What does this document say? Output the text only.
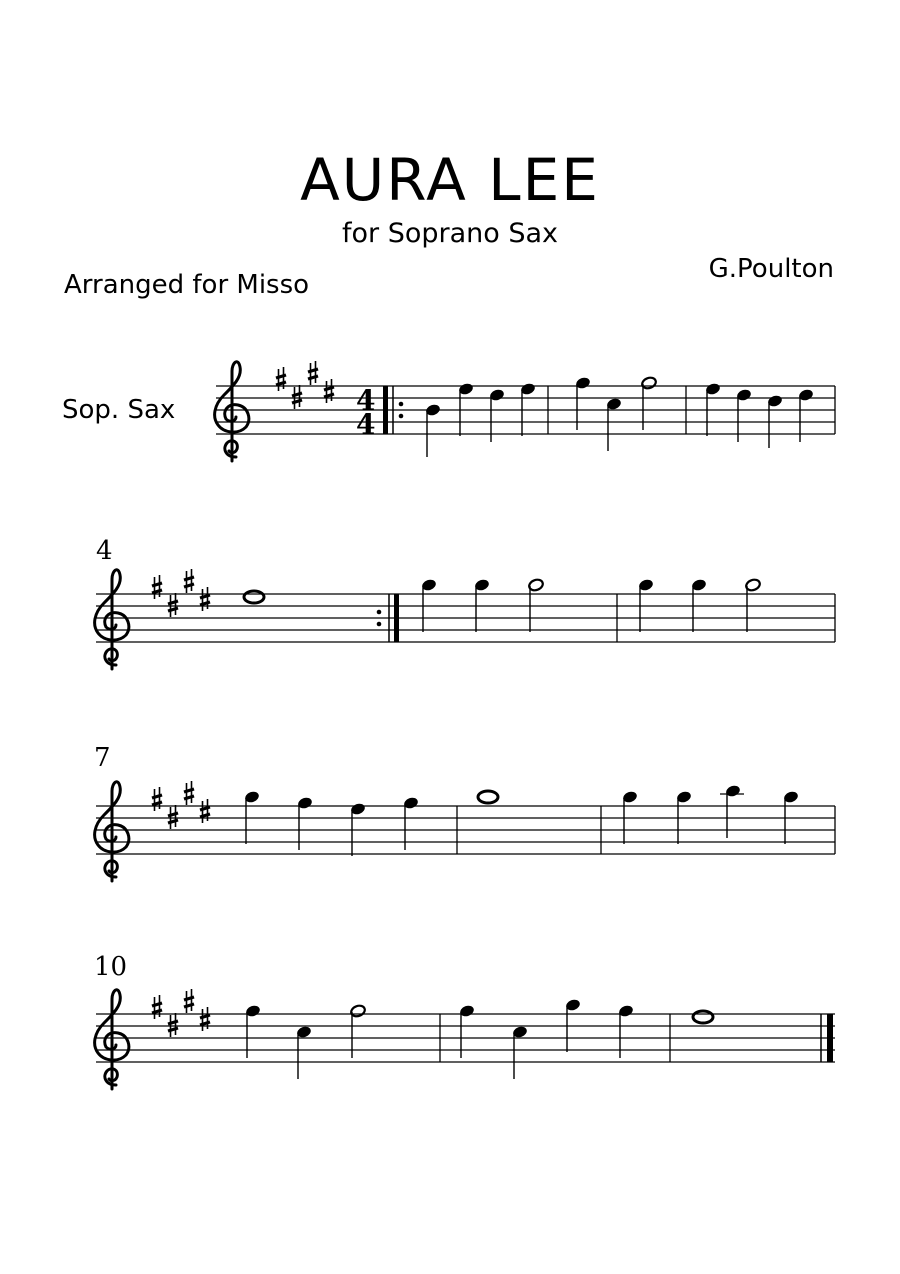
AURA LEE
for Soprano Sax
Arranged for Misso
G.Poulton
Sop. Sax
4
7
10
4
4
